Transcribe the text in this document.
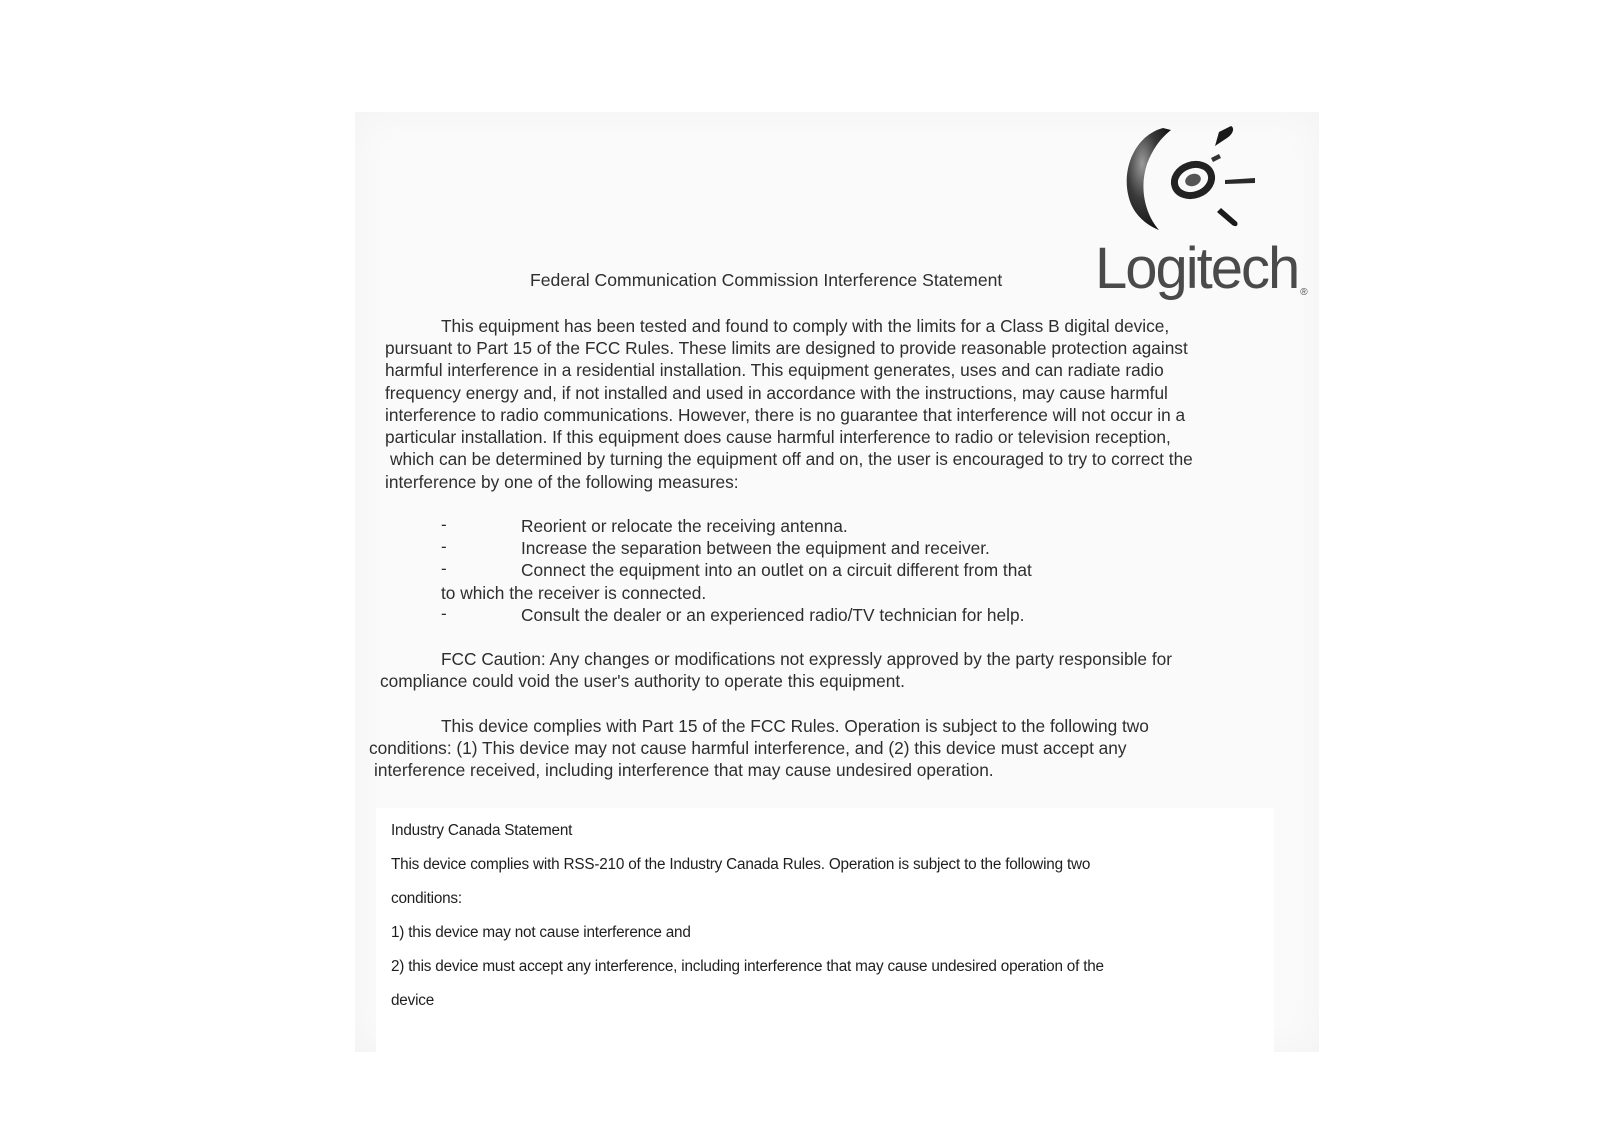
Logitech ®
Federal Communication Commission Interference Statement
This equipment has been tested and found to comply with the limits for a Class B digital device,
pursuant to Part 15 of the FCC Rules. These limits are designed to provide reasonable protection against
harmful interference in a residential installation. This equipment generates, uses and can radiate radio
frequency energy and, if not installed and used in accordance with the instructions, may cause harmful
interference to radio communications. However, there is no guarantee that interference will not occur in a
particular installation. If this equipment does cause harmful interference to radio or television reception,
which can be determined by turning the equipment off and on, the user is encouraged to try to correct the
interference by one of the following measures:
-	Reorient or relocate the receiving antenna.
-	Increase the separation between the equipment and receiver.
-	Connect the equipment into an outlet on a circuit different from that
to which the receiver is connected.
-	Consult the dealer or an experienced radio/TV technician for help.
FCC Caution: Any changes or modifications not expressly approved by the party responsible for
compliance could void the user's authority to operate this equipment.
This device complies with Part 15 of the FCC Rules. Operation is subject to the following two
conditions: (1) This device may not cause harmful interference, and (2) this device must accept any
interference received, including interference that may cause undesired operation.
Industry Canada Statement
This device complies with RSS-210 of the Industry Canada Rules. Operation is subject to the following two
conditions:
1) this device may not cause interference and
2) this device must accept any interference, including interference that may cause undesired operation of the
device
